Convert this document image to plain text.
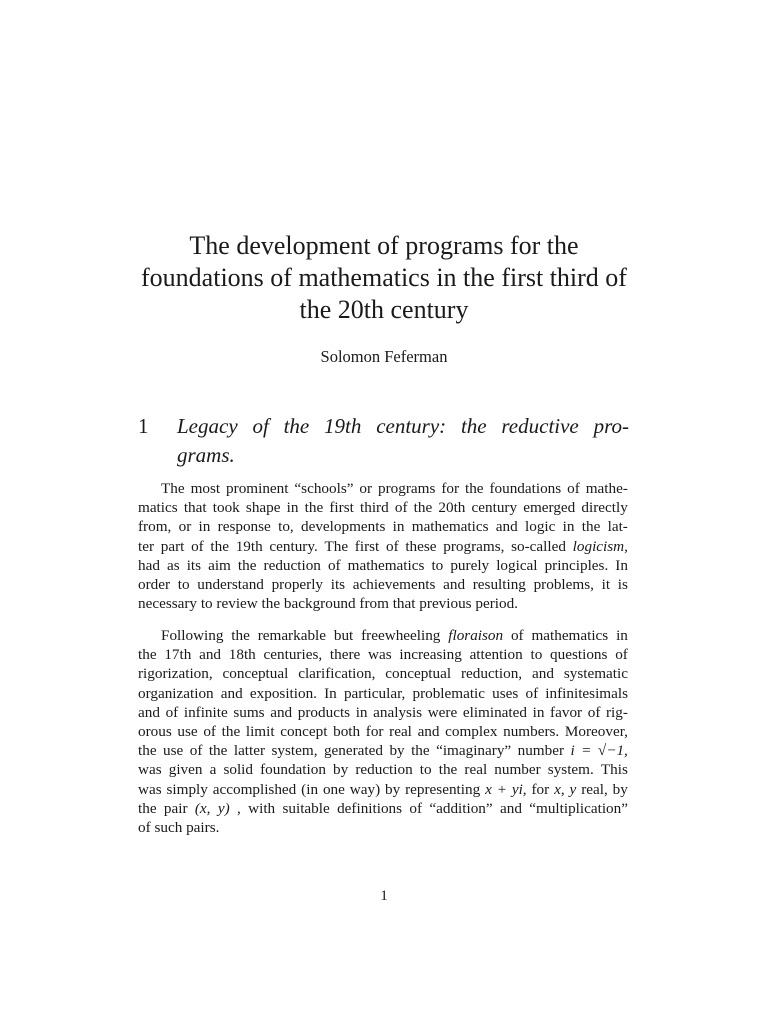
The development of programs for the
foundations of mathematics in the first third of
the 20th century
Solomon Feferman
1 Legacy of the 19th century: the reductive pro-
grams.
The most prominent “schools” or programs for the foundations of mathe-
matics that took shape in the first third of the 20th century emerged directly
from, or in response to, developments in mathematics and logic in the lat-
ter part of the 19th century. The first of these programs, so-called logicism,
had as its aim the reduction of mathematics to purely logical principles. In
order to understand properly its achievements and resulting problems, it is
necessary to review the background from that previous period.
Following the remarkable but freewheeling floraison of mathematics in
the 17th and 18th centuries, there was increasing attention to questions of
rigorization, conceptual clarification, conceptual reduction, and systematic
organization and exposition. In particular, problematic uses of infinitesimals
and of infinite sums and products in analysis were eliminated in favor of rig-
orous use of the limit concept both for real and complex numbers. Moreover,
the use of the latter system, generated by the “imaginary” number i = √−1,
was given a solid foundation by reduction to the real number system. This
was simply accomplished (in one way) by representing x + yi, for x, y real, by
the pair (x, y) , with suitable definitions of “addition” and “multiplication”
of such pairs.
1
